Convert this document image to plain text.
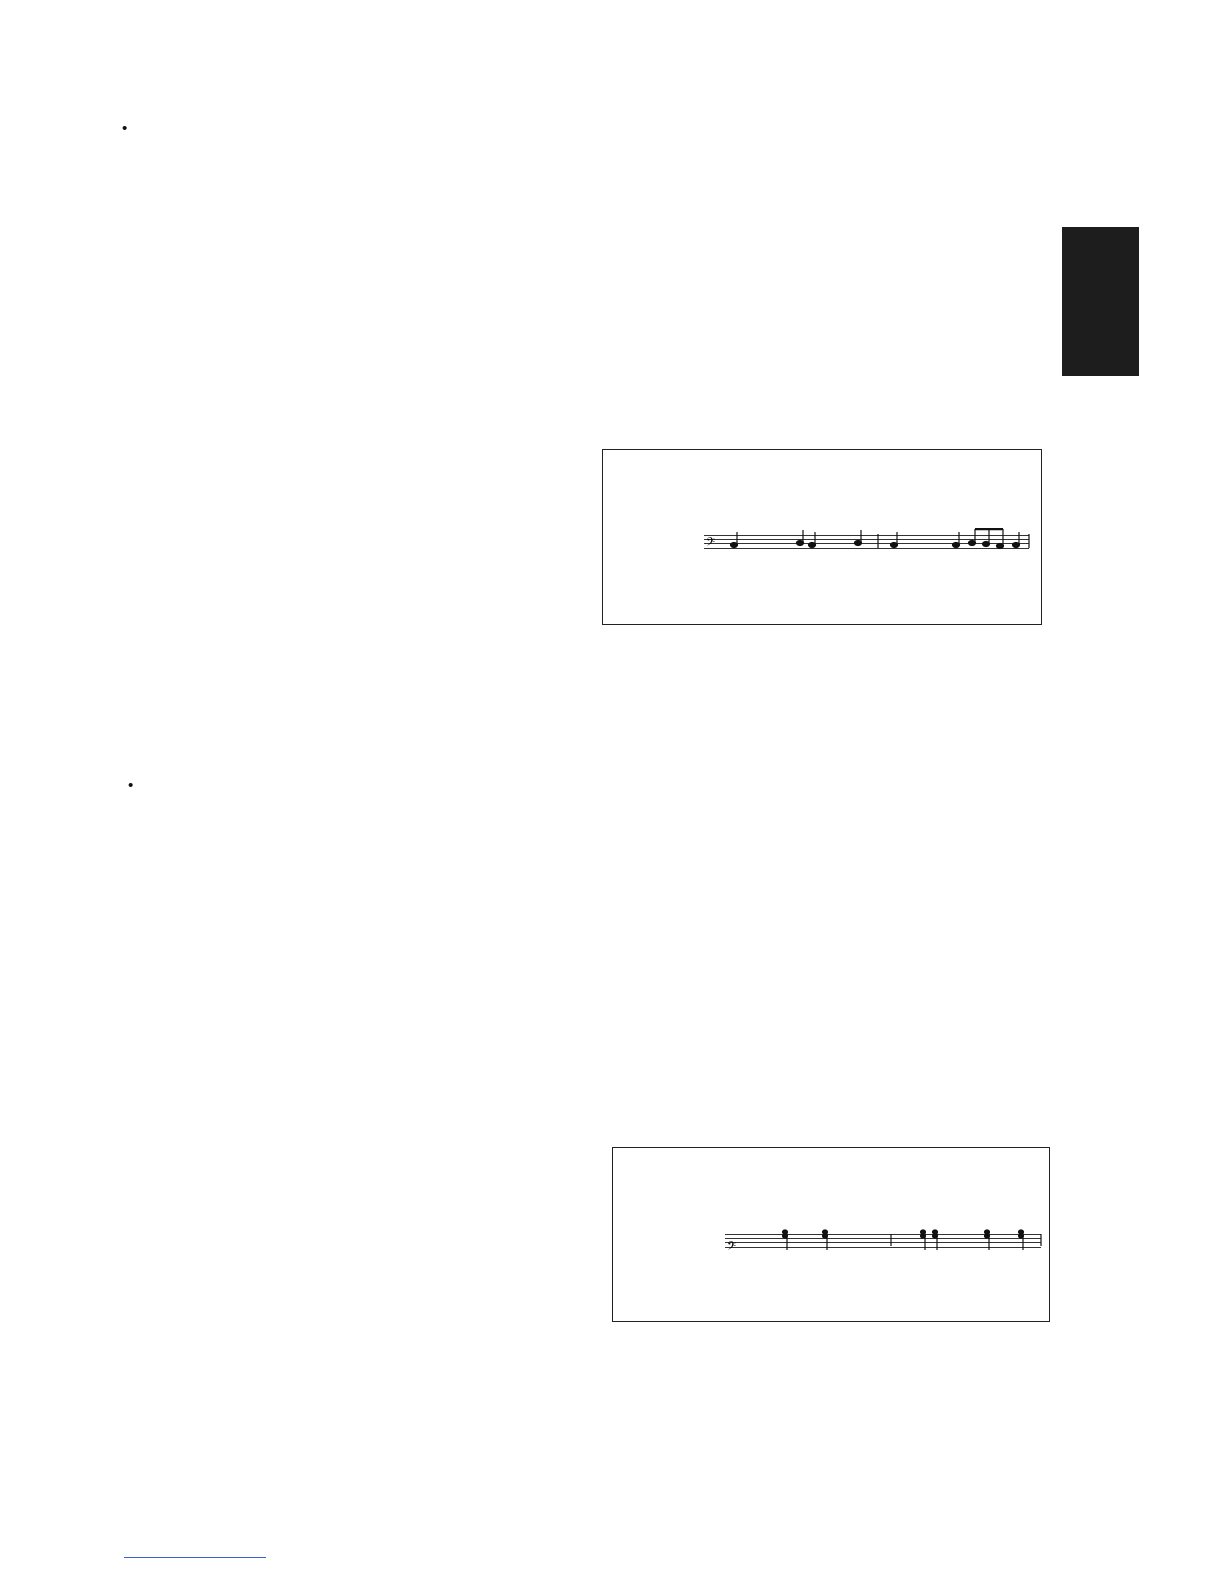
𝄢

𝄢
